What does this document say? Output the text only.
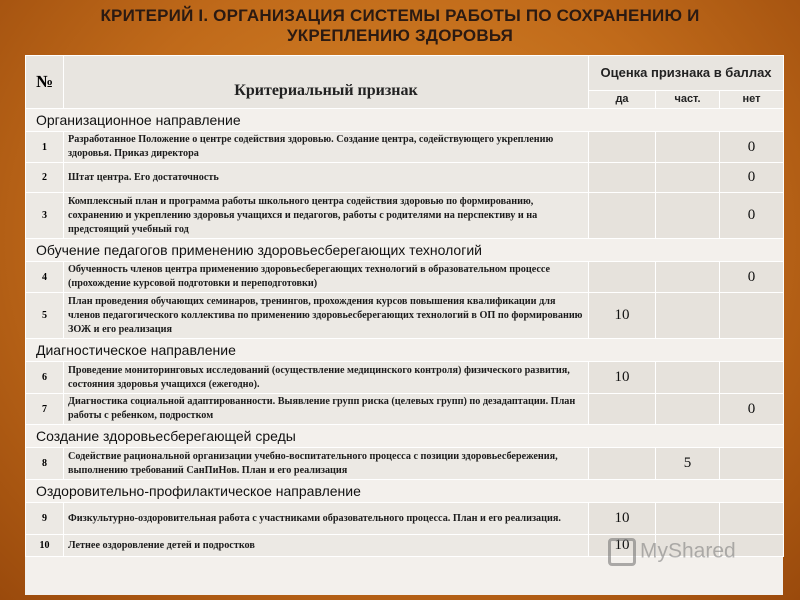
КРИТЕРИЙ I. ОРГАНИЗАЦИЯ СИСТЕМЫ РАБОТЫ ПО СОХРАНЕНИЮ И
УКРЕПЛЕНИЮ ЗДОРОВЬЯ
№	Критериальный признак	Оценка признака в баллах		
		да	част.	нет
Организационное направление				
1	Разработанное Положение о центре содействия здоровью. Создание центра, содействующего укреплению здоровья. Приказ директора			0
2	Штат центра. Его достаточность			0
3	Комплексный план и программа работы школьного центра содействия здоровью по формированию, сохранению и укреплению здоровья учащихся и педагогов, работы с родителями на перспективу и на предстоящий учебный год			0
Обучение педагогов применению здоровьесберегающих технологий				
4	Обученность членов центра применению здоровьесберегающих технологий в образовательном процессе (прохождение курсовой подготовки и переподготовки)			0
5	План проведения обучающих семинаров, тренингов, прохождения курсов повышения квалификации для членов педагогического коллектива по применению здоровьесберегающих технологий в ОП по формированию ЗОЖ и его реализация	10		
Диагностическое направление				
6	Проведение мониторинговых исследований (осуществление медицинского контроля) физического развития, состояния здоровья учащихся (ежегодно).	10		
7	Диагностика социальной адаптированности. Выявление групп риска (целевых групп) по дезадаптации. План работы с ребенком, подростком			0
Создание здоровьесберегающей среды				
8	Содействие рациональной организации учебно-воспитательного процесса с позиции здоровьесбережения, выполнению требований СанПиНов. План и его реализация		5	
Оздоровительно-профилактическое направление				
9	Физкультурно-оздоровительная работа с участниками образовательного процесса. План и его реализация.	10		
10	Летнее оздоровление детей и подростков	10		MyShared
